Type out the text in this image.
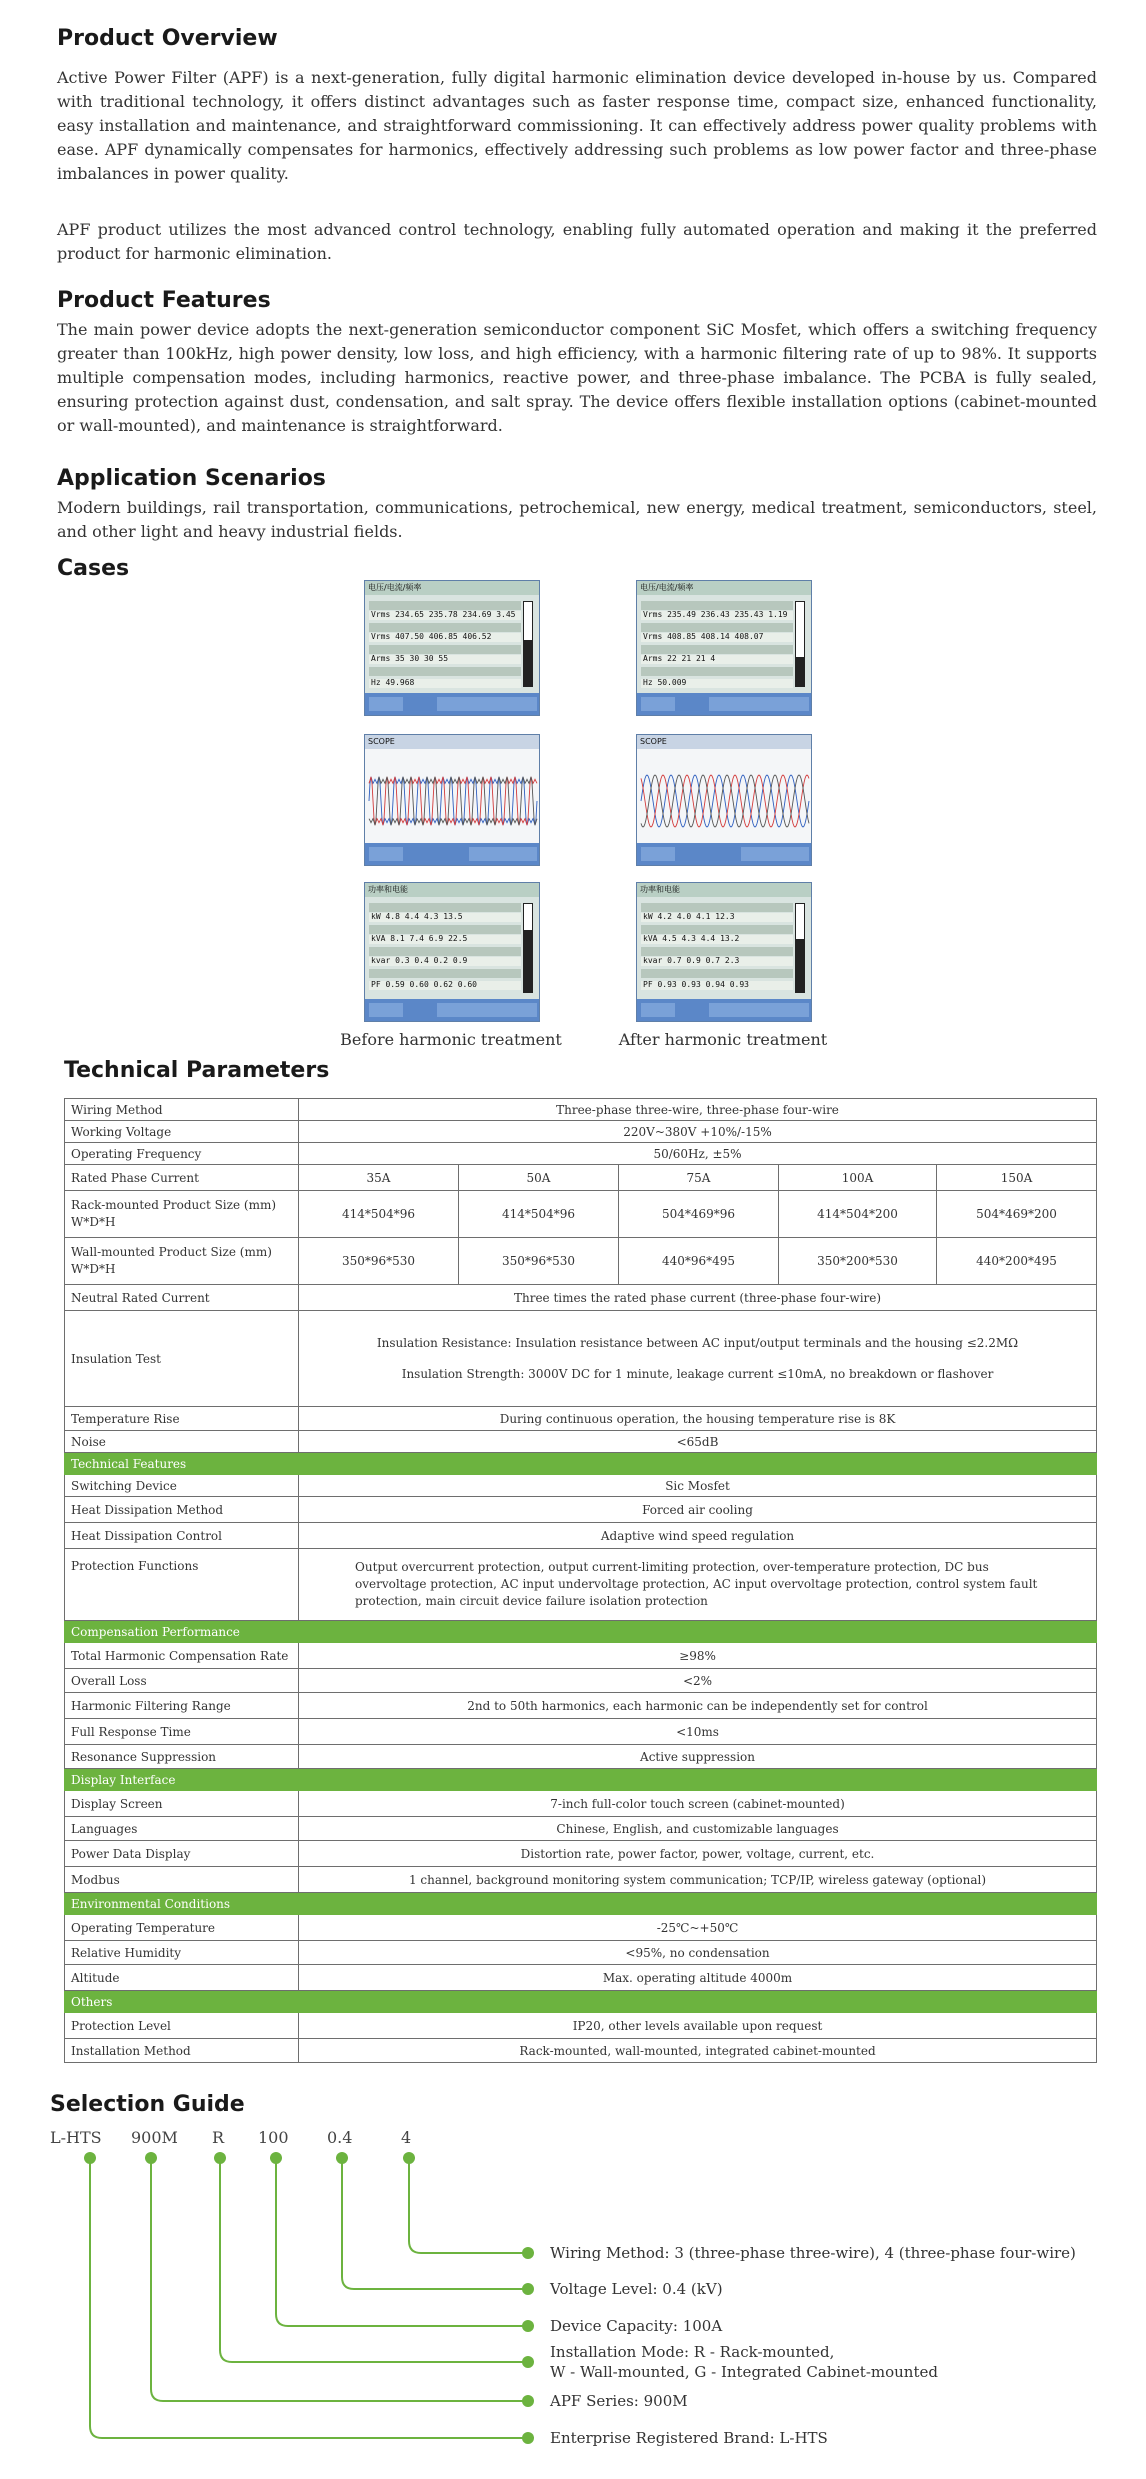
Product Overview

Active Power Filter (APF) is a next-generation, fully digital harmonic elimination device developed in-house by us. Compared with traditional technology, it offers distinct advantages such as faster response time, compact size, enhanced functionality, easy installation and maintenance, and straightforward commissioning. It can effectively address power quality problems with ease. APF dynamically compensates for harmonics, effectively addressing such problems as low power factor and three-phase imbalances in power quality.

APF product utilizes the most advanced control technology, enabling fully automated operation and making it the preferred product for harmonic elimination.

Product Features

The main power device adopts the next-generation semiconductor component SiC Mosfet, which offers a switching frequency greater than 100kHz, high power density, low loss, and high efficiency, with a harmonic filtering rate of up to 98%. It supports multiple compensation modes, including harmonics, reactive power, and three-phase imbalance. The PCBA is fully sealed, ensuring protection against dust, condensation, and salt spray. The device offers flexible installation options (cabinet-mounted or wall-mounted), and maintenance is straightforward.

Application Scenarios

Modern buildings, rail transportation, communications, petrochemical, new energy, medical treatment, semiconductors, steel, and other light and heavy industrial fields.

Cases
电压/电流/频率
Vrms 234.65 235.78 234.69 3.45
Vrms 407.50 406.85 406.52
Arms 35 30 30 55
Hz 49.968
电压/电流/频率
Vrms 235.49 236.43 235.43 1.19
Vrms 408.85 408.14 408.07
Arms 22 21 21 4
Hz 50.009
SCOPE	SCOPE
功率和电能
kW 4.8 4.4 4.3 13.5
kVA 8.1 7.4 6.9 22.5
kvar 0.3 0.4 0.2 0.9
PF 0.59 0.60 0.62 0.60
功率和电能
kW 4.2 4.0 4.1 12.3
kVA 4.5 4.3 4.4 13.2
kvar 0.7 0.9 0.7 2.3
PF 0.93 0.93 0.94 0.93
Before harmonic treatment	After harmonic treatment
Technical Parameters
Wiring Method	Three-phase three-wire, three-phase four-wire				
Working Voltage	220V~380V +10%/-15%				
Operating Frequency	50/60Hz, ±5%				
Rated Phase Current	35A	50A	75A	100A	150A
Rack-mounted Product Size (mm) W*D*H	414*504*96	414*504*96	504*469*96	414*504*200	504*469*200
Wall-mounted Product Size (mm) W*D*H	350*96*530	350*96*530	440*96*495	350*200*530	440*200*495
Neutral Rated Current	Three times the rated phase current (three-phase four-wire)				
Insulation Test	Insulation Resistance: Insulation resistance between AC input/output terminals and the housing ≤2.2MΩ
Insulation Strength: 3000V DC for 1 minute, leakage current ≤10mA, no breakdown or flashover				

Temperature Rise	During continuous operation, the housing temperature rise is 8K				
Noise	<65dB				
Technical Features					
Switching Device	Sic Mosfet				
Heat Dissipation Method	Forced air cooling				
Heat Dissipation Control	Adaptive wind speed regulation				
Protection Functions	Output overcurrent protection, output current-limiting protection, over-temperature protection, DC bus overvoltage protection, AC input undervoltage protection, AC input overvoltage protection, control system fault protection, main circuit device failure isolation protection				
Compensation Performance					
Total Harmonic Compensation Rate	≥98%				
Overall Loss	<2%				
Harmonic Filtering Range	2nd to 50th harmonics, each harmonic can be independently set for control				
Full Response Time	<10ms				
Resonance Suppression	Active suppression				
Display Interface					
Display Screen	7-inch full-color touch screen (cabinet-mounted)				
Languages	Chinese, English, and customizable languages				
Power Data Display	Distortion rate, power factor, power, voltage, current, etc.				
Modbus	1 channel, background monitoring system communication; TCP/IP, wireless gateway (optional)				
Environmental Conditions					
Operating Temperature	-25℃~+50℃				
Relative Humidity	<95%, no condensation				
Altitude	Max. operating altitude 4000m				
Others					
Protection Level	IP20, other levels available upon request				
Installation Method	Rack-mounted, wall-mounted, integrated cabinet-mounted				
Selection Guide
L-HTS 900M R 100 0.4	4
Wiring Method: 3 (three-phase three-wire), 4 (three-phase four-wire)
Voltage Level: 0.4 (kV)
Device Capacity: 100A
Installation Mode: R - Rack-mounted,
W - Wall-mounted, G - Integrated Cabinet-mounted
APF Series: 900M
Enterprise Registered Brand: L-HTS
